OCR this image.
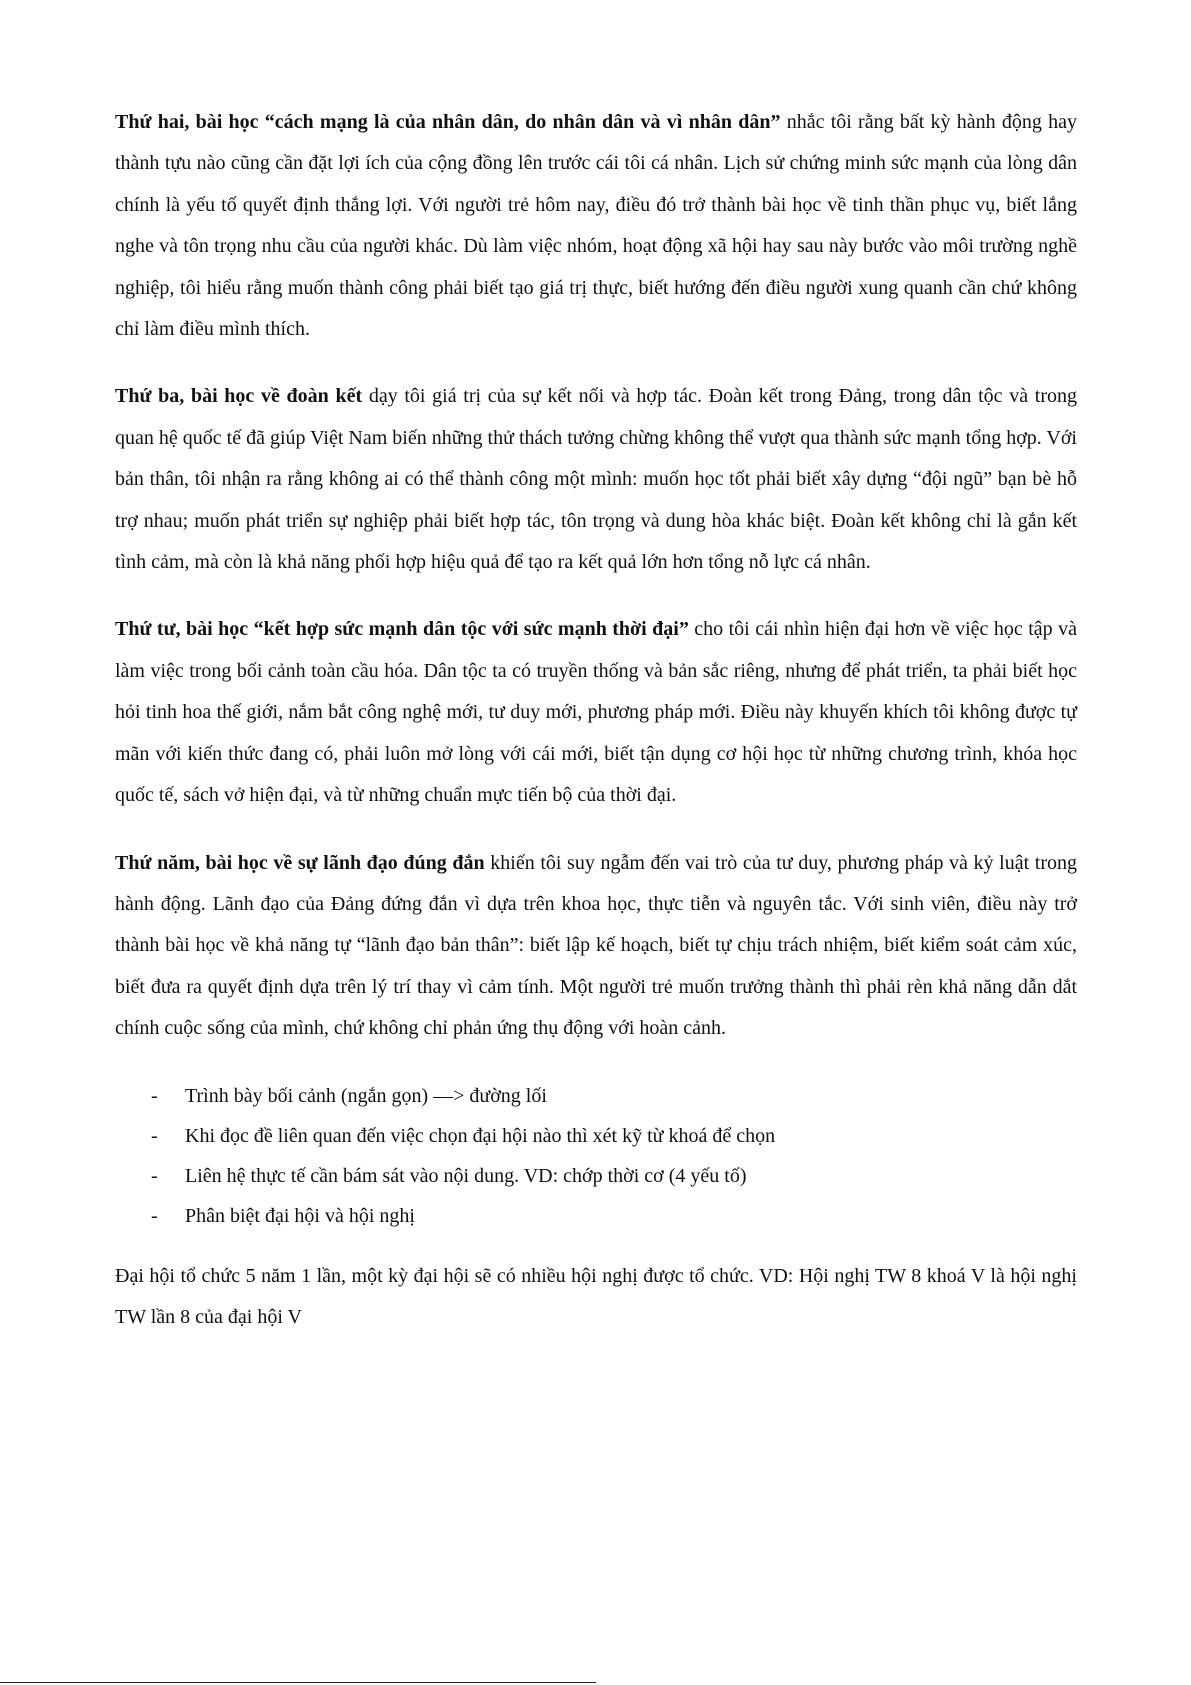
Thứ hai, bài học “cách mạng là của nhân dân, do nhân dân và vì nhân dân” nhắc tôi rằng bất kỳ hành động hay thành tựu nào cũng cần đặt lợi ích của cộng đồng lên trước cái tôi cá nhân. Lịch sử chứng minh sức mạnh của lòng dân chính là yếu tố quyết định thắng lợi. Với người trẻ hôm nay, điều đó trở thành bài học về tinh thần phục vụ, biết lắng nghe và tôn trọng nhu cầu của người khác. Dù làm việc nhóm, hoạt động xã hội hay sau này bước vào môi trường nghề nghiệp, tôi hiểu rằng muốn thành công phải biết tạo giá trị thực, biết hướng đến điều người xung quanh cần chứ không chỉ làm điều mình thích.

Thứ ba, bài học về đoàn kết dạy tôi giá trị của sự kết nối và hợp tác. Đoàn kết trong Đảng, trong dân tộc và trong quan hệ quốc tế đã giúp Việt Nam biến những thử thách tưởng chừng không thể vượt qua thành sức mạnh tổng hợp. Với bản thân, tôi nhận ra rằng không ai có thể thành công một mình: muốn học tốt phải biết xây dựng “đội ngũ” bạn bè hỗ trợ nhau; muốn phát triển sự nghiệp phải biết hợp tác, tôn trọng và dung hòa khác biệt. Đoàn kết không chỉ là gắn kết tình cảm, mà còn là khả năng phối hợp hiệu quả để tạo ra kết quả lớn hơn tổng nỗ lực cá nhân.

Thứ tư, bài học “kết hợp sức mạnh dân tộc với sức mạnh thời đại” cho tôi cái nhìn hiện đại hơn về việc học tập và làm việc trong bối cảnh toàn cầu hóa. Dân tộc ta có truyền thống và bản sắc riêng, nhưng để phát triển, ta phải biết học hỏi tinh hoa thế giới, nắm bắt công nghệ mới, tư duy mới, phương pháp mới. Điều này khuyến khích tôi không được tự mãn với kiến thức đang có, phải luôn mở lòng với cái mới, biết tận dụng cơ hội học từ những chương trình, khóa học quốc tế, sách vở hiện đại, và từ những chuẩn mực tiến bộ của thời đại.

Thứ năm, bài học về sự lãnh đạo đúng đắn khiến tôi suy ngẫm đến vai trò của tư duy, phương pháp và kỷ luật trong hành động. Lãnh đạo của Đảng đứng đắn vì dựa trên khoa học, thực tiễn và nguyên tắc. Với sinh viên, điều này trở thành bài học về khả năng tự “lãnh đạo bản thân”: biết lập kế hoạch, biết tự chịu trách nhiệm, biết kiểm soát cảm xúc, biết đưa ra quyết định dựa trên lý trí thay vì cảm tính. Một người trẻ muốn trưởng thành thì phải rèn khả năng dẫn dắt chính cuộc sống của mình, chứ không chỉ phản ứng thụ động với hoàn cảnh.

- Trình bày bối cảnh (ngắn gọn) —> đường lối
- Khi đọc đề liên quan đến việc chọn đại hội nào thì xét kỹ từ khoá để chọn
- Liên hệ thực tế cần bám sát vào nội dung. VD: chớp thời cơ (4 yếu tố)
- Phân biệt đại hội và hội nghị

Đại hội tổ chức 5 năm 1 lần, một kỳ đại hội sẽ có nhiều hội nghị được tổ chức. VD: Hội nghị TW 8 khoá V là hội nghị TW lần 8 của đại hội V
